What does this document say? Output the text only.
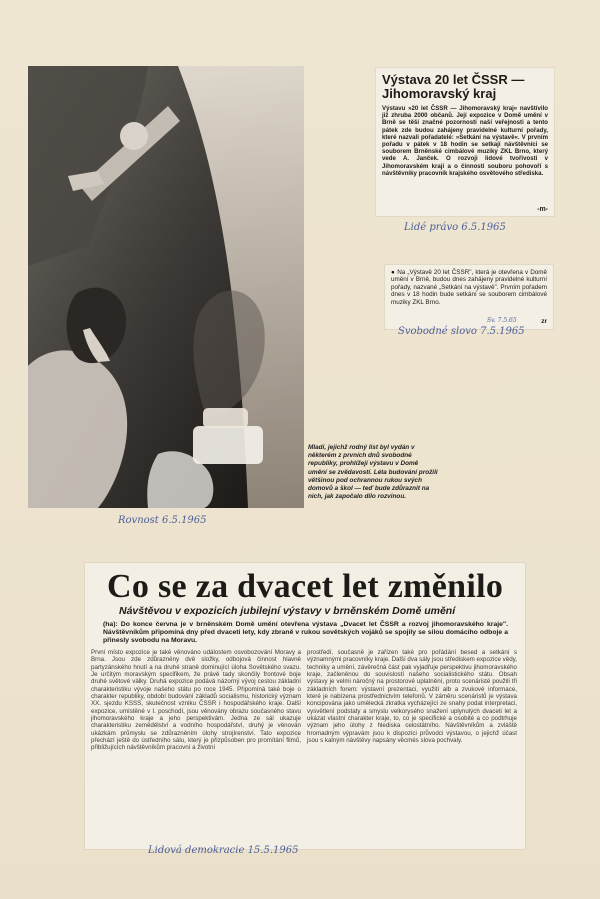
Mladí, jejichž rodný list byl vydán v některém z prvních dnů svobodné republiky, prohlížejí výstavu v Domě umění se zvědavostí. Léta budování prožili většinou pod ochrannou rukou svých domovů a škol — teď bude zdůraznit na nich, jak započalo dílo rozvinou.
Výstava 20 let ČSSR — Jihomoravský kraj
Výstavu »20 let ČSSR — Jihomoravský kraj« navštívilo již zhruba 2000 občanů. Její expozice v Domě umění v Brně se těší značné pozornosti naší veřejnosti a tento pátek zde budou zahájeny pravidelné kulturní pořady, které nazvali pořadatelé: »Setkání na výstavě«. V prvním pořadu v pátek v 18 hodin se setkají návštěvníci se souborem Brněnské cimbálové muziky ZKL Brno, který vede A. Janček. O rozvoji lidové tvořivosti v Jihomoravském kraji a o činnosti souboru pohovoří s návštěvníky pracovník krajského osvětového střediska.
-m-
Lidé právo 6.5.1965
● Na „Výstavě 20 let ČSSR", která je otevřena v Domě umění v Brně, budou dnes zahájeny pravidelné kulturní pořady, nazvané „Setkání na výstavě". Prvním pořadem dnes v 18 hodin bude setkání se souborem cimbálové muziky ZKL Brno.
zr
Sv. 7.5.65
Svobodné slovo 7.5.1965
Rovnost 6.5.1965
Co se za dvacet let změnilo
Návštěvou v expozicích jubilejní výstavy v brněnském Domě umění
(ha): Do konce června je v brněnském Domě umění otevřena výstava „Dvacet let ČSSR a rozvoj jihomoravského kraje". Návštěvníkům připomíná dny před dvaceti lety, kdy zbraně v rukou sovětských vojáků se spojily se silou domácího odboje a přinesly svobodu na Moravu.
První místo expozice je také věnováno událostem osvobozování Moravy a Brna. Jsou zde zdůrazněny dvě složky, odbojová činnost hlavně partyzánského hnutí a na druhé straně dominující úloha Sovětského svazu. Je určitým moravským specifikem, že právě tady skončily frontové boje druhé světové války. Druhá expozice podává názorný vývoj cestou základní charakteristiku vývoje našeho státu po roce 1945. Připomíná také boje o charakter republiky, období budování základů socialismu, historický význam XX. sjezdu KSSS, skutečnost vzniku ČSSR i hospodářského kraje. Další expozice, umístěné v I. poschodí, jsou věnovány obrazu současného stavu jihomoravského kraje a jeho perspektivám. Jedna ze sál ukazuje charakteristiku zemědělství a vodního hospodářství, druhý je věnován ukázkám průmyslu se zdůrazněním úlohy strojírenství. Tato expozice přechází ještě do ústředního sálu, který je přizpůsoben pro promítání filmů, přibližujících návštěvníkům pracovní a životní
prostředí, současně je zařízen také pro pořádání besed a setkání s významnými pracovníky kraje. Další dva sály jsou střediskem expozice vědy, techniky a umění, závěrečná část pak vyjadřuje perspektivu jihomoravského kraje, začleněnou do souvislostí našeho socialistického státu. Obsah výstavy je velmi náročný na prostorové uplatnění, proto scenáristé použili tři základních forem: výstavní prezentaci, využití alb a zvukové informace, které je nabízena prostřednictvím telefonů. V záměru scenáristů je výstava koncipována jako umělecká zkratka vycházející ze snahy podat interpretaci, vysvětlení podstaty a smyslu velkorysého snažení uplynulých dvaceti let a ukázat vlastní charakter kraje, to, co je specifické a osobité a co podtrhuje význam jeho úlohy z hlediska celostátního. Návštěvníkům a zvláště hromadným výpravám jsou k dispozici průvodci výstavou, o jejichž účast jsou s kalným návštěvy napsány věcmés slova pochvaly.
Lidová demokracie 15.5.1965
